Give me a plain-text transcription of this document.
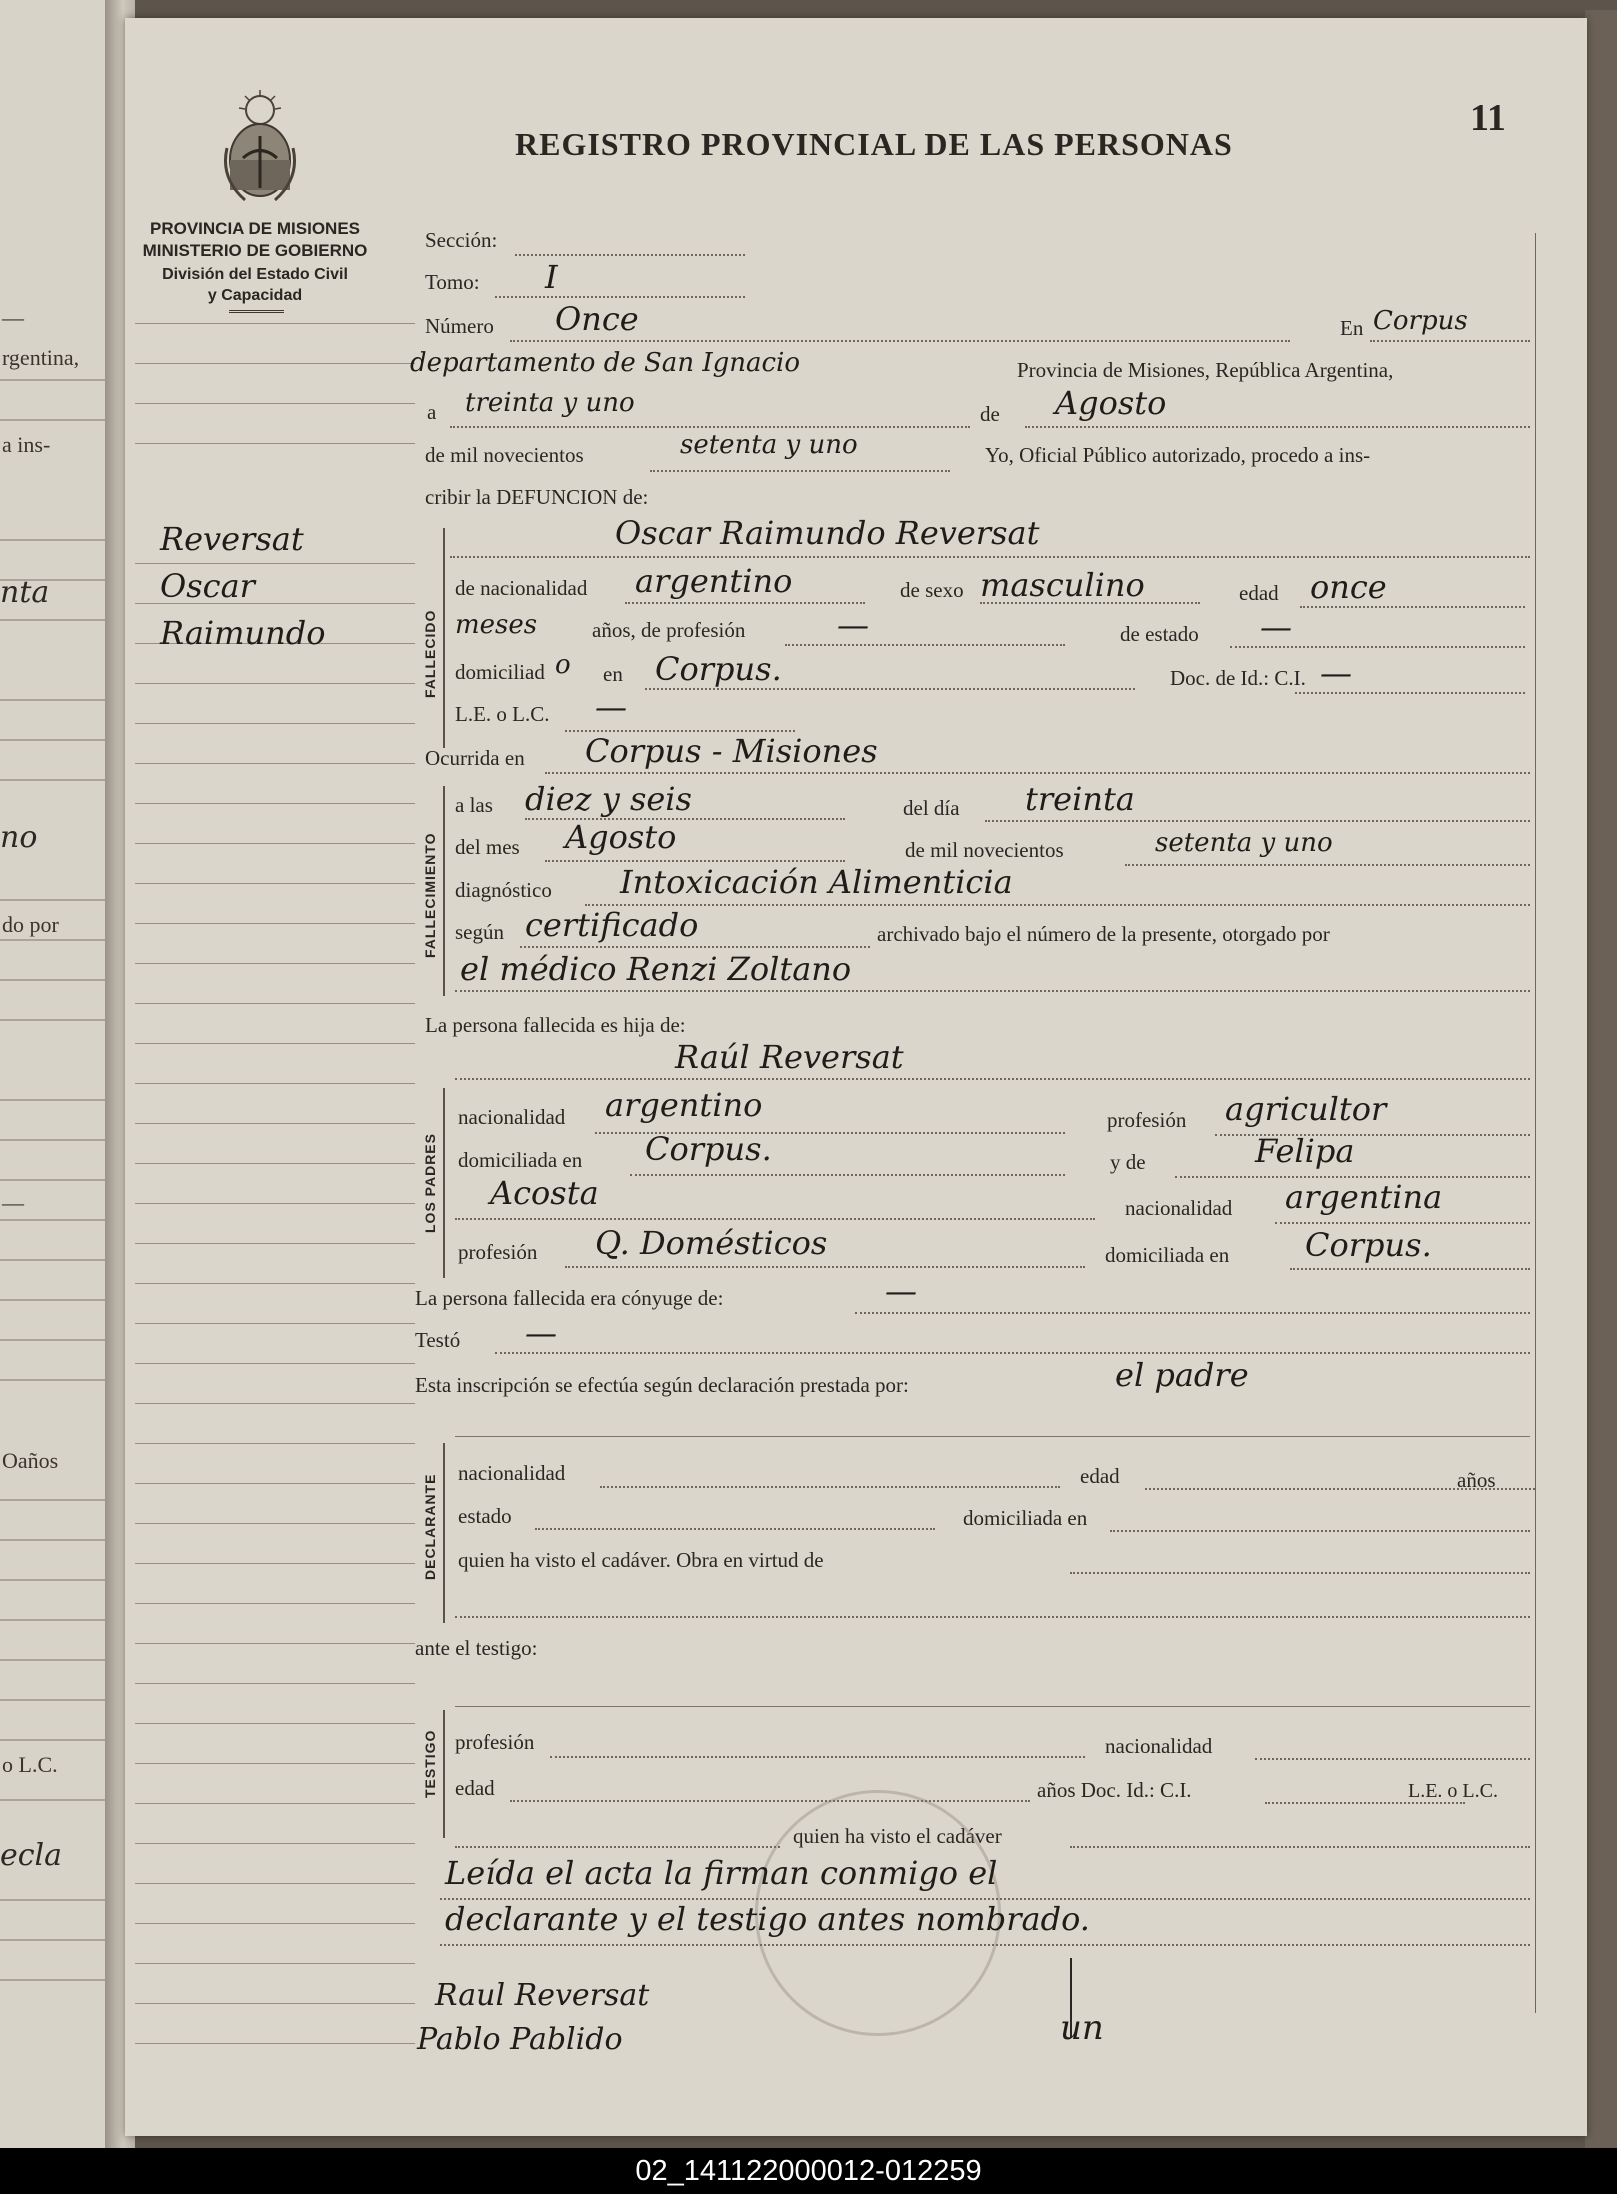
—
rgentina,
a ins-
nta
no
do por
—
Oaños
o L.C.
ecla
11
REGISTRO PROVINCIAL DE LAS PERSONAS
PROVINCIA DE MISIONES
MINISTERIO DE GOBIERNO
División del Estado Civil
y Capacidad
Reversat
Oscar
Raimundo
Sección:
Tomo: I
Número Once	En Corpus
departamento de San Ignacio	Provincia de Misiones, República Argentina,
a treinta y uno	de Agosto
de mil novecientos	setenta y uno	Yo, Oficial Público autorizado, procedo a ins-
cribir la DEFUNCION de:
FALLECIDO
Oscar Raimundo Reversat
de nacionalidad argentino	de sexo masculino	edad once
meses	años, de profesión	—	de estado —
domiciliad o en Corpus.	Doc. de Id.: C.I. —
L.E. o L.C. —
Ocurrida en Corpus - Misiones
FALLECIMIENTO
a las diez y seis	del día treinta
del mes Agosto	de mil novecientos	setenta y uno
diagnóstico Intoxicación Alimenticia
según certificado	archivado bajo el número de la presente, otorgado por
el médico Renzi Zoltano
La persona fallecida es hija de:
Raúl Reversat
LOS PADRES
nacionalidad argentino	profesión agricultor
domiciliada en Corpus.	y de	Felipa
Acosta	nacionalidad argentina
profesión Q. Domésticos	domiciliada en Corpus.
La persona fallecida era cónyuge de:	—
Testó —
Esta inscripción se efectúa según declaración prestada por:	el padre
DECLARANTE
nacionalidad	edad	años
estado	domiciliada en
quien ha visto el cadáver. Obra en virtud de
ante el testigo:
TESTIGO profesión	nacionalidad
edad	años Doc. Id.: C.I.	L.E. o L.C.
quien ha visto el cadáver
Leída el acta la firman conmigo el
declarante y el testigo antes nombrado.
Raul Reversat
Pablo Pablido	un
02_141122000012-012259
